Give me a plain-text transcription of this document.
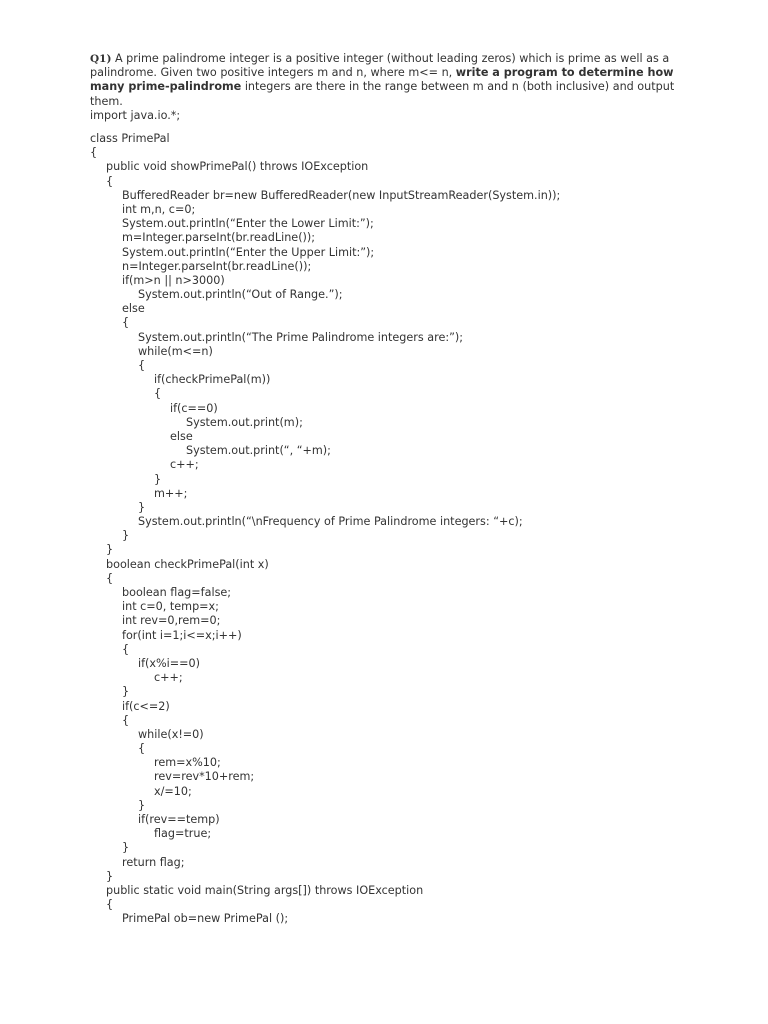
Q1) A prime palindrome integer is a positive integer (without leading zeros) which is prime as well as a palindrome. Given two positive integers m and n, where m<= n, write a program to determine how many prime-palindrome integers are there in the range between m and n (both inclusive) and output them.
import java.io.*;
class PrimePal
{
public void showPrimePal() throws IOException
{
BufferedReader br=new BufferedReader(new InputStreamReader(System.in));
int m,n, c=0;
System.out.println(“Enter the Lower Limit:”);
m=Integer.parseInt(br.readLine());
System.out.println(“Enter the Upper Limit:”);
n=Integer.parseInt(br.readLine());
if(m>n || n>3000)
System.out.println(“Out of Range.”);
else
{
System.out.println(“The Prime Palindrome integers are:”);
while(m<=n)
{
if(checkPrimePal(m))
{
if(c==0)
System.out.print(m);
else
System.out.print(“, “+m);
c++;
}
m++;
}
System.out.println(“\nFrequency of Prime Palindrome integers: “+c);
}
}
boolean checkPrimePal(int x)
{
boolean flag=false;
int c=0, temp=x;
int rev=0,rem=0;
for(int i=1;i<=x;i++)
{
if(x%i==0)
c++;
}
if(c<=2)
{
while(x!=0)
{
rem=x%10;
rev=rev*10+rem;
x/=10;
}
if(rev==temp)
flag=true;
}
return flag;
}
public static void main(String args[]) throws IOException
{
PrimePal ob=new PrimePal ();
